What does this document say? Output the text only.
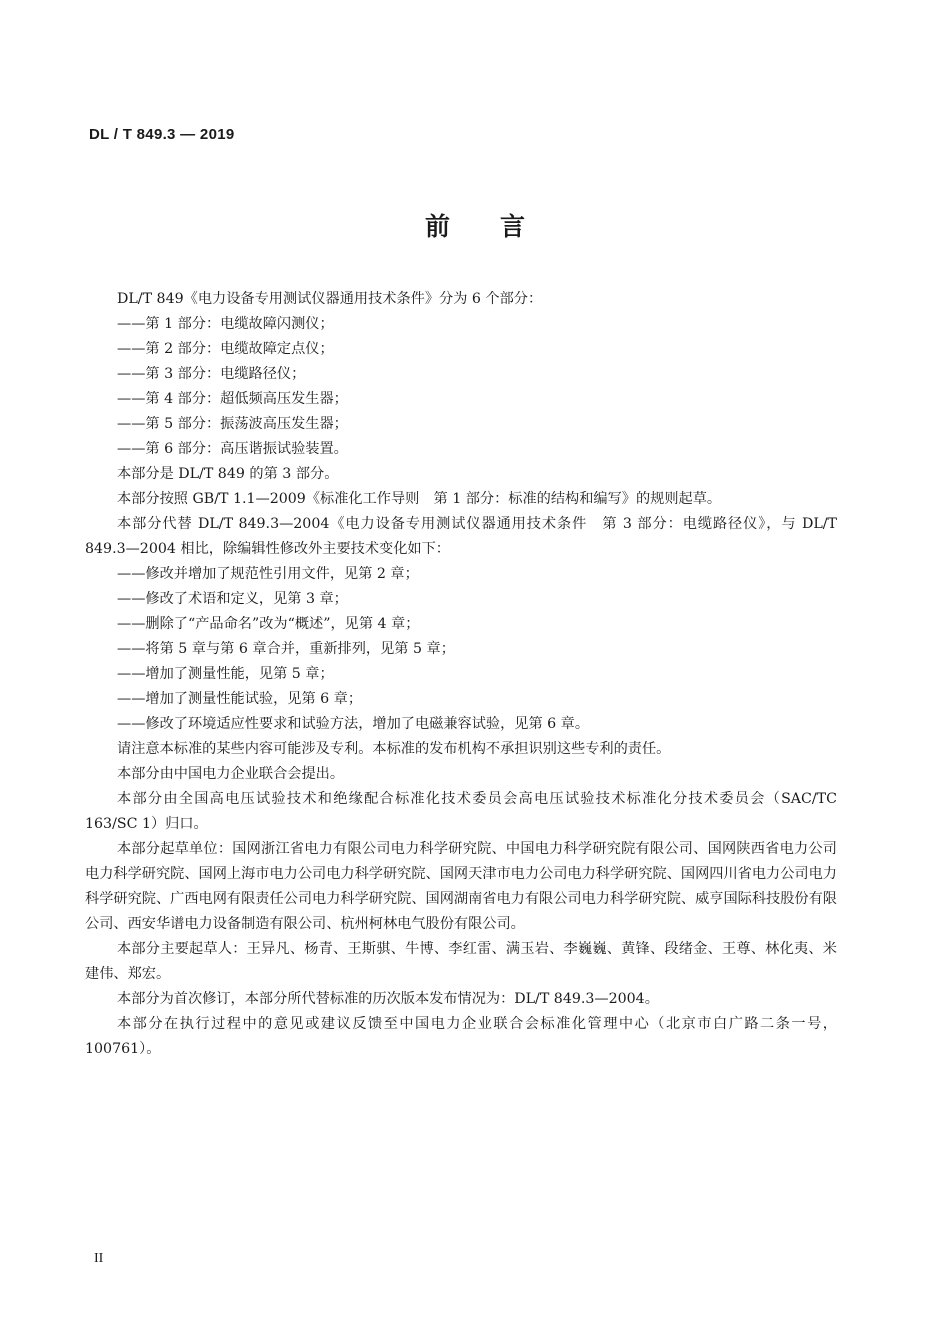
DL / T 849.3 — 2019
前 言

DL/T 849《电力设备专用测试仪器通用技术条件》分为 6 个部分：

——第 1 部分：电缆故障闪测仪；

——第 2 部分：电缆故障定点仪；

——第 3 部分：电缆路径仪；

——第 4 部分：超低频高压发生器；

——第 5 部分：振荡波高压发生器；

——第 6 部分：高压谐振试验装置。

本部分是 DL/T 849 的第 3 部分。

本部分按照 GB/T 1.1—2009《标准化工作导则　第 1 部分：标准的结构和编写》的规则起草。

本部分代替 DL/T 849.3—2004《电力设备专用测试仪器通用技术条件　第 3 部分：电缆路径仪》，与 DL/T 849.3—2004 相比，除编辑性修改外主要技术变化如下：

——修改并增加了规范性引用文件，见第 2 章；

——修改了术语和定义，见第 3 章；

——删除了“产品命名”改为“概述”，见第 4 章；

——将第 5 章与第 6 章合并，重新排列，见第 5 章；

——增加了测量性能，见第 5 章；

——增加了测量性能试验，见第 6 章；

——修改了环境适应性要求和试验方法，增加了电磁兼容试验，见第 6 章。

请注意本标准的某些内容可能涉及专利。本标准的发布机构不承担识别这些专利的责任。

本部分由中国电力企业联合会提出。

本部分由全国高电压试验技术和绝缘配合标准化技术委员会高电压试验技术标准化分技术委员会（SAC/TC 163/SC 1）归口。

本部分起草单位：国网浙江省电力有限公司电力科学研究院、中国电力科学研究院有限公司、国网陕西省电力公司电力科学研究院、国网上海市电力公司电力科学研究院、国网天津市电力公司电力科学研究院、国网四川省电力公司电力科学研究院、广西电网有限责任公司电力科学研究院、国网湖南省电力有限公司电力科学研究院、威亨国际科技股份有限公司、西安华谱电力设备制造有限公司、杭州柯林电气股份有限公司。

本部分主要起草人：王异凡、杨青、王斯骐、牛博、李红雷、满玉岩、李巍巍、黄锋、段绪金、王尊、林化夷、米建伟、郑宏。

本部分为首次修订，本部分所代替标准的历次版本发布情况为：DL/T 849.3—2004。

本部分在执行过程中的意见或建议反馈至中国电力企业联合会标准化管理中心（北京市白广路二条一号，100761）。

II
